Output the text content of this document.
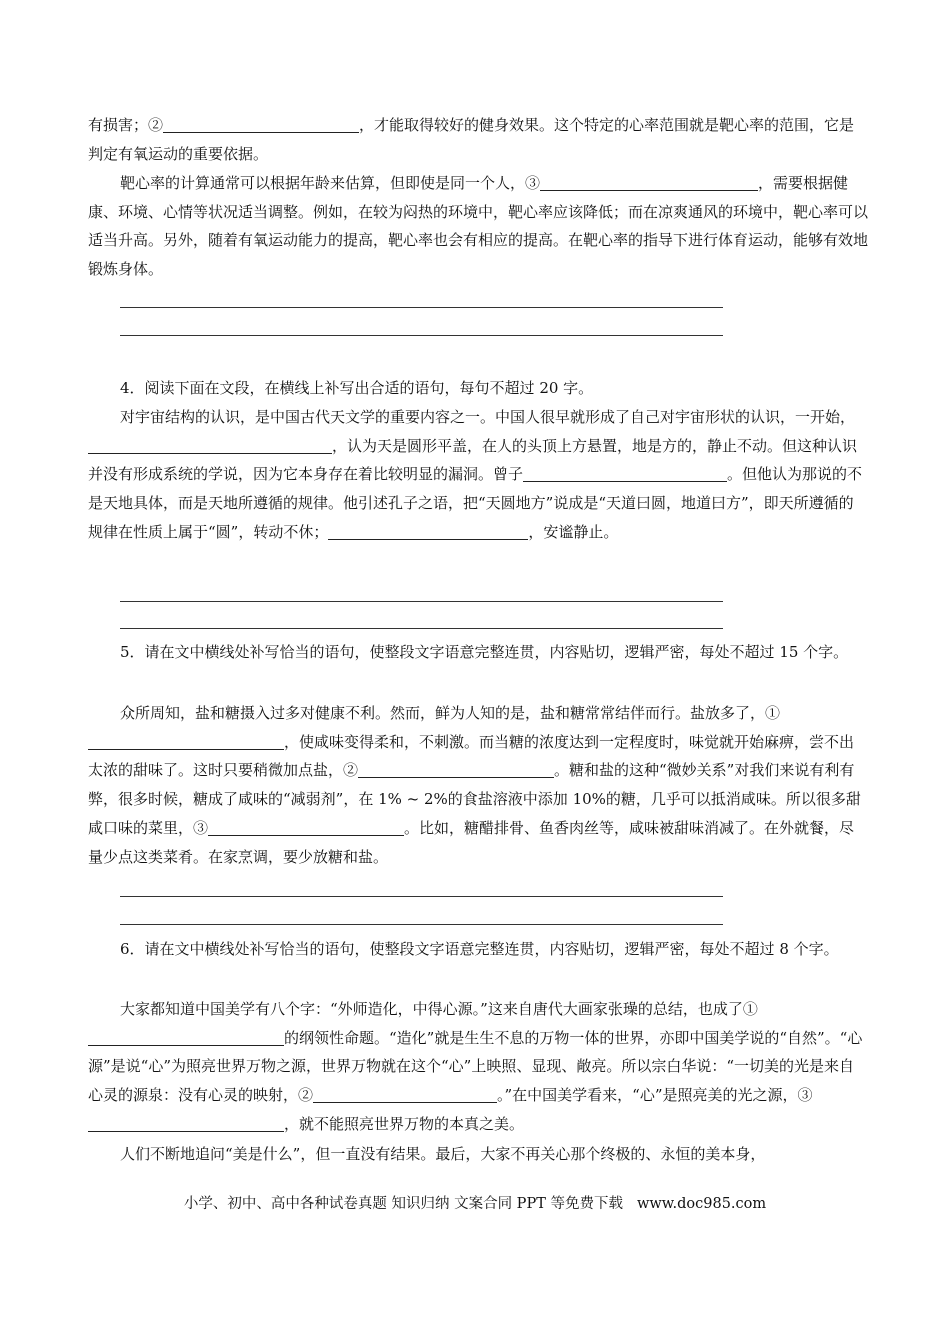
有损害；②	，才能取得较好的健身效果。这个特定的心率范围就是靶心率的范围，它是判定有氧运动的重要依据。

靶心率的计算通常可以根据年龄来估算，但即使是同一个人，③	，需要根据健康、环境、心情等状况适当调整。例如，在较为闷热的环境中，靶心率应该降低；而在凉爽通风的环境中，靶心率可以适当升高。另外，随着有氧运动能力的提高，靶心率也会有相应的提高。在靶心率的指导下进行体育运动，能够有效地锻炼身体。

4．阅读下面在文段，在横线上补写出合适的语句，每句不超过 20 字。

对宇宙结构的认识，是中国古代天文学的重要内容之一。中国人很早就形成了自己对宇宙形状的认识，一开始，，认为天是圆形平盖，在人的头顶上方悬置，地是方的，静止不动。但这种认识并没有形成系统的学说，因为它本身存在着比较明显的漏洞。曾子	。但他认为那说的不是天地具体，而是天地所遵循的规律。他引述孔子之语，把“天圆地方”说成是“天道曰圆，地道曰方”，即天所遵循的规律在性质上属于“圆”，转动不休；	，安谧静止。

5．请在文中横线处补写恰当的语句，使整段文字语意完整连贯，内容贴切，逻辑严密，每处不超过 15 个字。

众所周知，盐和糖摄入过多对健康不利。然而，鲜为人知的是，盐和糖常常结伴而行。盐放多了，①，使咸味变得柔和，不刺激。而当糖的浓度达到一定程度时，味觉就开始麻痹，尝不出太浓的甜味了。这时只要稍微加点盐，②	。糖和盐的这种“微妙关系”对我们来说有利有弊，很多时候，糖成了咸味的“减弱剂”，在 1% ~ 2%的食盐溶液中添加 10%的糖，几乎可以抵消咸味。所以很多甜咸口味的菜里，③	。比如，糖醋排骨、鱼香肉丝等，咸味被甜味消减了。在外就餐，尽量少点这类菜肴。在家烹调，要少放糖和盐。

6．请在文中横线处补写恰当的语句，使整段文字语意完整连贯，内容贴切，逻辑严密，每处不超过 8 个字。

大家都知道中国美学有八个字：“外师造化，中得心源。”这来自唐代大画家张璪的总结，也成了①的纲领性命题。“造化”就是生生不息的万物一体的世界，亦即中国美学说的“自然”。“心源”是说“心”为照亮世界万物之源，世界万物就在这个“心”上映照、显现、敞亮。所以宗白华说：“一切美的光是来自心灵的源泉：没有心灵的映射，②	。”在中国美学看来，“心”是照亮美的光之源，③，就不能照亮世界万物的本真之美。

人们不断地追问“美是什么”，但一直没有结果。最后，大家不再关心那个终极的、永恒的美本身，

小学、初中、高中各种试卷真题 知识归纳 文案合同 PPT 等免费下载 www.doc985.com
